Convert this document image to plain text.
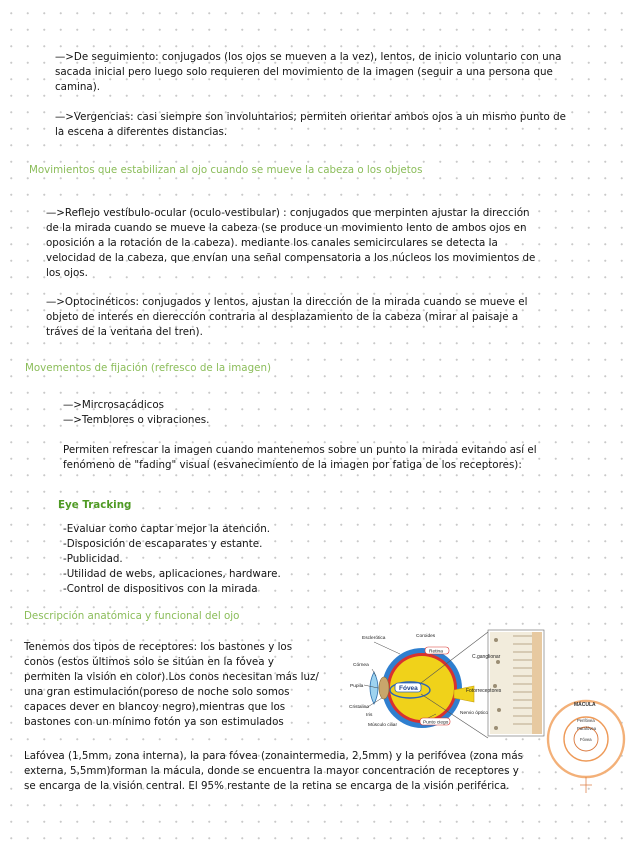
—>De seguimiento: conjugados (los ojos se mueven a la vez), lentos, de inicio voluntario con una
sacada inicial pero luego solo requieren del movimiento de la imagen (seguir a una persona que
camina).
—>Vergencias: casi siempre son involuntarios; permiten orientar ambos ojos a un mismo punto de
la escena a diferentes distancias.
Movimientos que estabilizan al ojo cuando se mueve la cabeza o los objetos
—>Reflejo vestíbulo-ocular (oculo-vestibular) : conjugados que merpinten ajustar la dirección
de la mirada cuando se mueve la cabeza (se produce un movimiento lento de ambos ojos en
oposición a la rotación de la cabeza). mediante los canales semicirculares se detecta la
velocidad de la cabeza, que envían una señal compensatoria a los núcleos los movimientos de
los ojos.
—>Optocinéticos: conjugados y lentos, ajustan la dirección de la mirada cuando se mueve el
objeto de interés en dierección contraria al desplazamiento de la cabeza (mirar al paisaje a
tráves de la ventana del tren).
Movementos de fijación (refresco de la imagen)
—>Mircrosacádicos
—>Temblores o vibraciones.
Permiten refrescar la imagen cuando mantenemos sobre un punto la mirada evitando así el
fenómeno de "fading" visual (esvanecimiento de la imagen por fatiga de los receptores):
Eye Tracking
-Evaluar como captar mejor la atención.
-Disposición de escaparates y estante.
-Publicidad.
-Utilidad de webs, aplicaciones, hardware.
-Control de dispositivos con la mirada
Descripción anatómica y funcional del ojo
Tenemos dos tipos de receptores: los bastones y los
conos (estos últimos solo se sitúan en la fóvea y
permiten la visión en color).Los conos necesitan más luz/
una gran estimulación(poreso de noche solo somos
capaces dever en blancoy negro),mientras que los
bastones con un mínimo fotón ya son estimulados
Lafóvea (1,5mm, zona interna), la para fóvea (zonaintermedia, 2,5mm) y la perifóvea (zona más
externa, 5,5mm)forman la mácula, donde se encuentra la mayor concentración de receptores y
se encarga de la visión central. El 95% restante de la retina se encarga de la visión periférica.
Esclerótica	Coroides
Córnea
Pupila
Cristalino
Iris
Músculo ciliar
Nervio óptico
Retina
Fóvea
Punto ciego
C.ganglionar
Fotorreceptores
MÁCULA
Perifóvea
Parafóvea
Fóvea
